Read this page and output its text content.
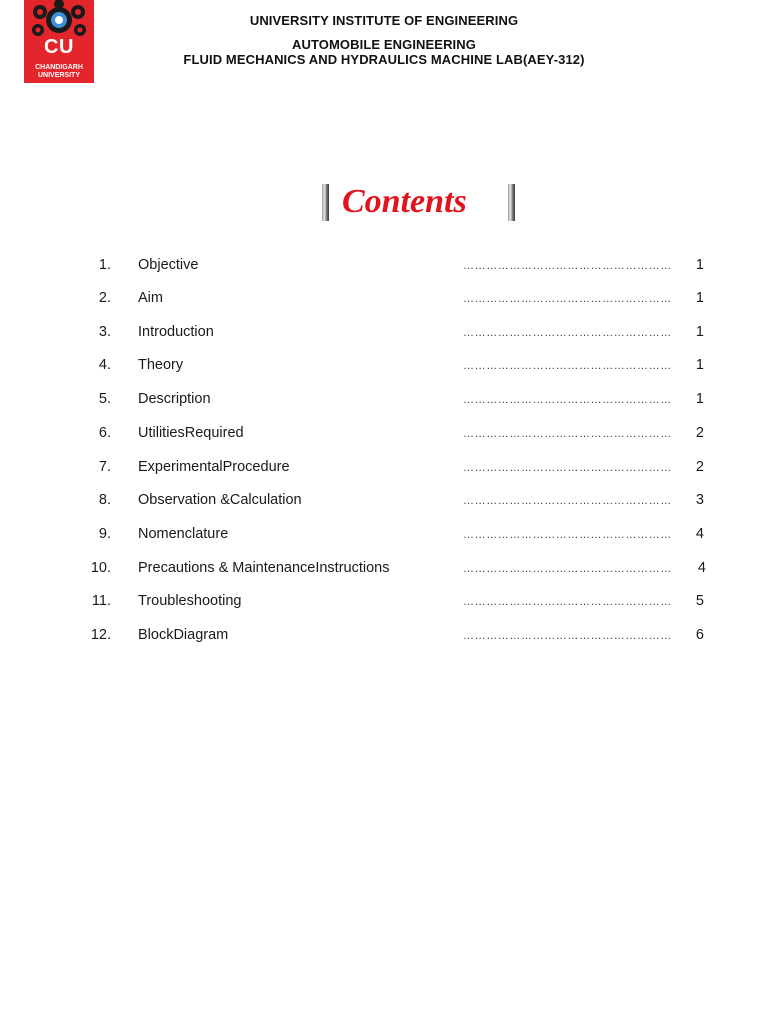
CU
CHANDIGARH
UNIVERSITY
UNIVERSITY INSTITUTE OF ENGINEERING
AUTOMOBILE ENGINEERING
FLUID MECHANICS AND HYDRAULICS MACHINE LAB(AEY-312)
Contents
1. Objective	……………………………………………… 1
2. Aim	……………………………………………… 1
3. Introduction	……………………………………………… 1
4. Theory	……………………………………………… 1
5. Description	……………………………………………… 1
6. UtilitiesRequired	……………………………………………… 2
7. ExperimentalProcedure	……………………………………………… 2
8. Observation &Calculation	……………………………………………… 3
9. Nomenclature	……………………………………………… 4
10. Precautions & MaintenanceInstructions	……………………………………………… 4
11. Troubleshooting	……………………………………………… 5
12. BlockDiagram	……………………………………………… 6
